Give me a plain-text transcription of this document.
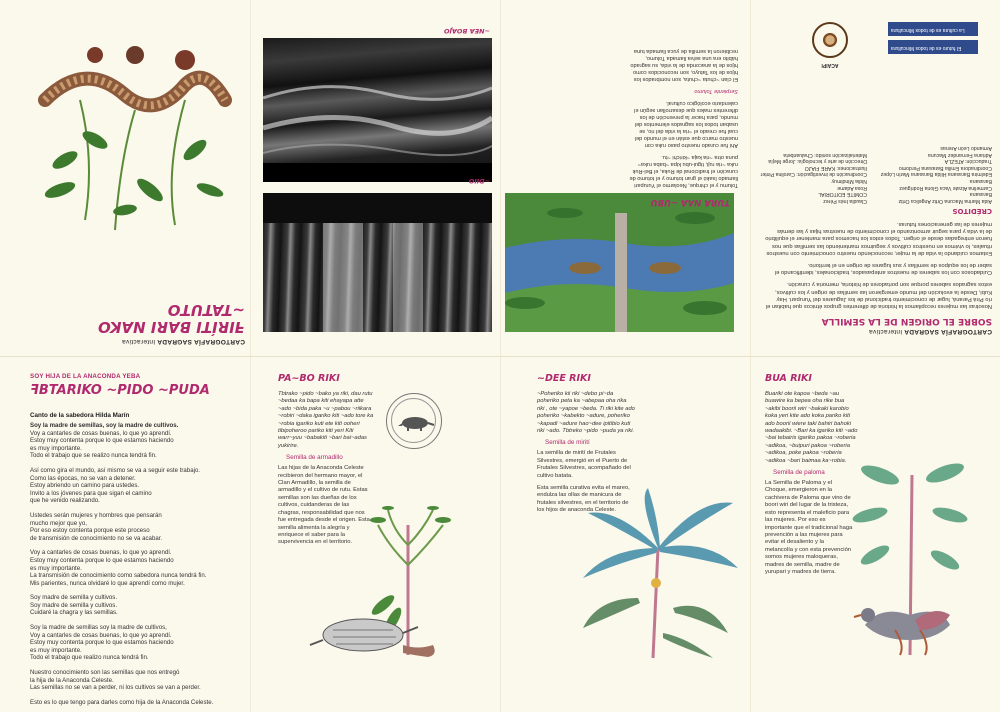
CARTOGRAFÍA SAGRADA Interactiva
ꟻIRÍTI BARI NAKO
~TATUTO
~NEA BOAJO
~DIIO	Tolumu y el chirque, Neolarmo el Yurupari llamado Isakó el gran totumo y el totumo de curación el tradicional de Ruka, el Bel-Ruk ruka ~ria ruji, tigui-ubu kipa ~baba ruka~ puna otra ~ria kaja ~kirichi ~tu.

Ahí fue curado nuestro paso ruka con nuestro marco que están en el mundo del cual fue creado el ~ria la vida del rio, se usaban todos los sagrados elementos del mundo, para hacer la prevención de los diferentes males que desarrollan según el calendario ecológico cultural.

Serpiente Tolumo

El clan ~chuta ~chuta, son nombrados los hijos de los Tatuyo, son reconocidos como hijos de la anaconda de la vida, su sagrado hábito era una selva llamada Tolumo, recibieron la semilla de yuca llamada tuna

TURA NAA ~UBU
CARTOGRAFÍA SAGRADA Interactiva
SOBRE EL ORIGEN DE LA SEMILLA

Nosotras las mujeres recopilamos la historia de diferentes grupos étnicos que habitan el río Pirá Paraná, lugar de conocimiento tradicional de los Jaguares del Yurupari. Hay Kubi, Desde la evolución del mundo emergieron las semillas de origen y los cultivos, estos sagrados saberes porque son portadores de historia, memoria y curación.

Cuidadosos con los saberes de nuestros antepasados, tradicionales, identificando el saber de los equipos de semillas y sus lugares de origen en el territorio.

Estamos cuidando la vida de la mujer, reconociendo nuestro conocimiento con nuestros rituales, lo vivimos en nuestros cultivos y seguimos manteniendo las semillas que nos fueron entregadas desde el origen. Todos estos los hacemos para mantener el equilibrio de la vida y para seguir armonizando el conocimiento de nuestras hijas y las demás mujeres de las generaciones futuras.

CRÉDITOS
Aida Marina Macuna Ortiz Angelica Ortiz Barasana
Carmelina Alzate Vaca Gloria Rodríguez Barasana
Edelmira Barasana Hilda Barasana Marín López
Coordinadora Emilia Barasana Perdomo
Traducción: ATEZLA
Adriana Fernandez Macuna
Armando León Arenas
Claudia Inés Pérez
COMITÉ EDITORIAL
Rosa Adame
Nidia Mindimuy
Coordinación de investigación: Carolina Pinter
Ilustraciones: KARE FIAJO
Dirección de arte y tecnología: Jorge Mejía
Materialización sonido: Chaluanbeta
ACAIPI
La cultura es de todos Mincultura
El futuro es de todos Mincultura
SOY HIJA DE LA ANACONDA YEBA
ꟻBTARIKO ~PIDO ~PUDA
Canto de la sabedora Hilda Marín
Soy la madre de semillas, soy la madre de cultivos.
Voy a cantarles de cosas buenas, lo que yo aprendí.
Estoy muy contenta porque lo que estamos haciendo
es muy importante.
Todo el trabajo que se realizo nunca tendrá fin.
Así como gira el mundo, así mismo se va a seguir este trabajo.
Como las épocas, no se van a detener.
Estoy abriendo un camino para ustedes.
Invito a los jóvenes para que sigan el camino
que he venido realizando.
Ustedes serán mujeres y hombres que pensarán
mucho mejor que yo,
Por eso estoy contenta porque este proceso
de transmisión de conocimiento no se va acabar.
Voy a cantarles de cosas buenas, lo que yo aprendí.
Estoy muy contenta porque lo que estamos haciendo
es muy importante.
La transmisión de conocimiento como sabedora nunca tendrá fin.
Mis parientes, nunca olvidaré lo que aprendí como mujer.
Soy madre de semilla y cultivos.
Soy madre de semilla y cultivos.
Cuidaré la chagra y las semillas.
Soy la madre de semillas soy la madre de cultivos,
Voy a cantarles de cosas buenas, lo que yo aprendí.
Estoy muy contenta porque lo que estamos haciendo
es muy importante.
Todo el trabajo que realizo nunca tendrá fin.
Nuestro conocimiento son las semillas que nos entregó
la hija de la Anaconda Celeste.
Las semillas no se van a perder, ni los cultivos se van a perder.
Esto es lo que tengo para darles como hija de la Anaconda Celeste.
PA~BO RIKI
Tbtrako ~pido ~bako ya riki, dau rutu ~bedaa ka bapa kiti ehayapa atte ~ado ~bida paka ~u ~pabou ~riikara ~robiri ~daka igariko kiti ~ado tore ka ~robia igariko kuti ete kiti ooheri tibipoheroo pariko kiti yeri Kiti warr~yuu ~babakiti ~bari bai~adas yukirire.
Semilla de armadillo
Las hijas de la Anaconda Celeste recibieron del hermano mayor, el Clan Armadillo, la semilla de armadillo y el cultivo de rutu. Estas semillas son las dueñas de los cultivos, cuidanderas de las chagras, responsabilidad que nos fue entregada desde el origen. Esta semilla alimenta la alegría y enriquece el saber para la supervivencia en el territorio.
~DEE RIKI
~Poheriko kii riki ~debo pi~da poheriko peta ka ~abepaa oha rika riki , ote ~yapoe ~beda. Ti riki kite ado poheriko ~kabekto ~adure, poheriko ~kapadi ~adure hao~dee ipitibio kuti riki ~ado. Tbtreko ~pido ~puda ya riki.
Semilla de mirití

La semilla de mirití de Frutales Silvestres, emergió en el Puerto de Frutales Silvestres, acompañado del cultivo batata.

Esta semilla curativa evita el mareo, endulza las ollas de manicura de frutales silvestres, en el territorio de los hijos de anaconda Celeste.

BUA RIKI
Buariki ote kapoa ~beda ~au buawire ka bepea oha rike bua ~akibi boorii wiri ~bakaki karobio koka yeri kite ado koka pariko kiti ado boorii wiere taki bahiri bahoki wadaakibi. ~Bari ka igariko kiti ~ado ~bai tebairis igariko pakoa ~roberia ~adikoa, ~buipuri pakoa ~roberia ~adikoa, poke pakoa ~roberia ~adikoa ~bari baimaa ka~robia.
Semilla de paloma
La Semilla de Paloma y el Choque, emergieron en la cachivera de Paloma que vino de boori wiri del lugar de la tristeza, esto representa el maleficio para las mujeres. Por eso es importante que el tradicional haga prevención a las mujeres para evitar el desaliento y la melancolía y con esta prevención somos mujeres maloqueras, madres de semilla, madre de yurupari y madres de tierra.
